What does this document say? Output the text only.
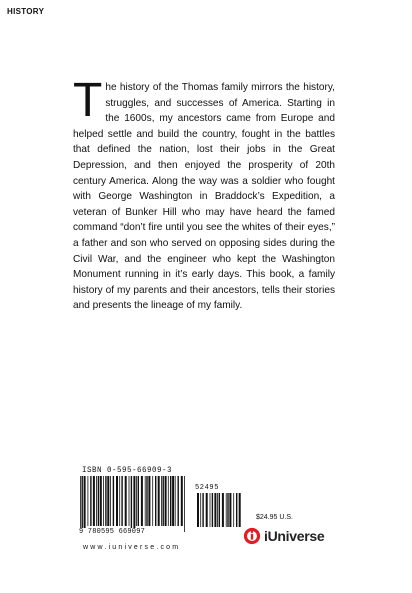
HISTORY
The history of the Thomas family mirrors the history, struggles, and successes of America. Starting in the 1600s, my ancestors came from Europe and helped settle and build the country, fought in the battles that defined the nation, lost their jobs in the Great Depression, and then enjoyed the prosperity of 20th century America. Along the way was a soldier who fought with George Washington in Braddock’s Expedition, a veteran of Bunker Hill who may have heard the famed command “don’t fire until you see the whites of their eyes,” a father and son who served on opposing sides during the Civil War, and the engineer who kept the Washington Monument running in it’s early days. This book, a family history of my parents and their ancestors, tells their stories and presents the lineage of my family.
ISBN 0-595-66909-3
9 780595 669097
52495
$24.95 U.S.
iUniverse
www.iuniverse.com
